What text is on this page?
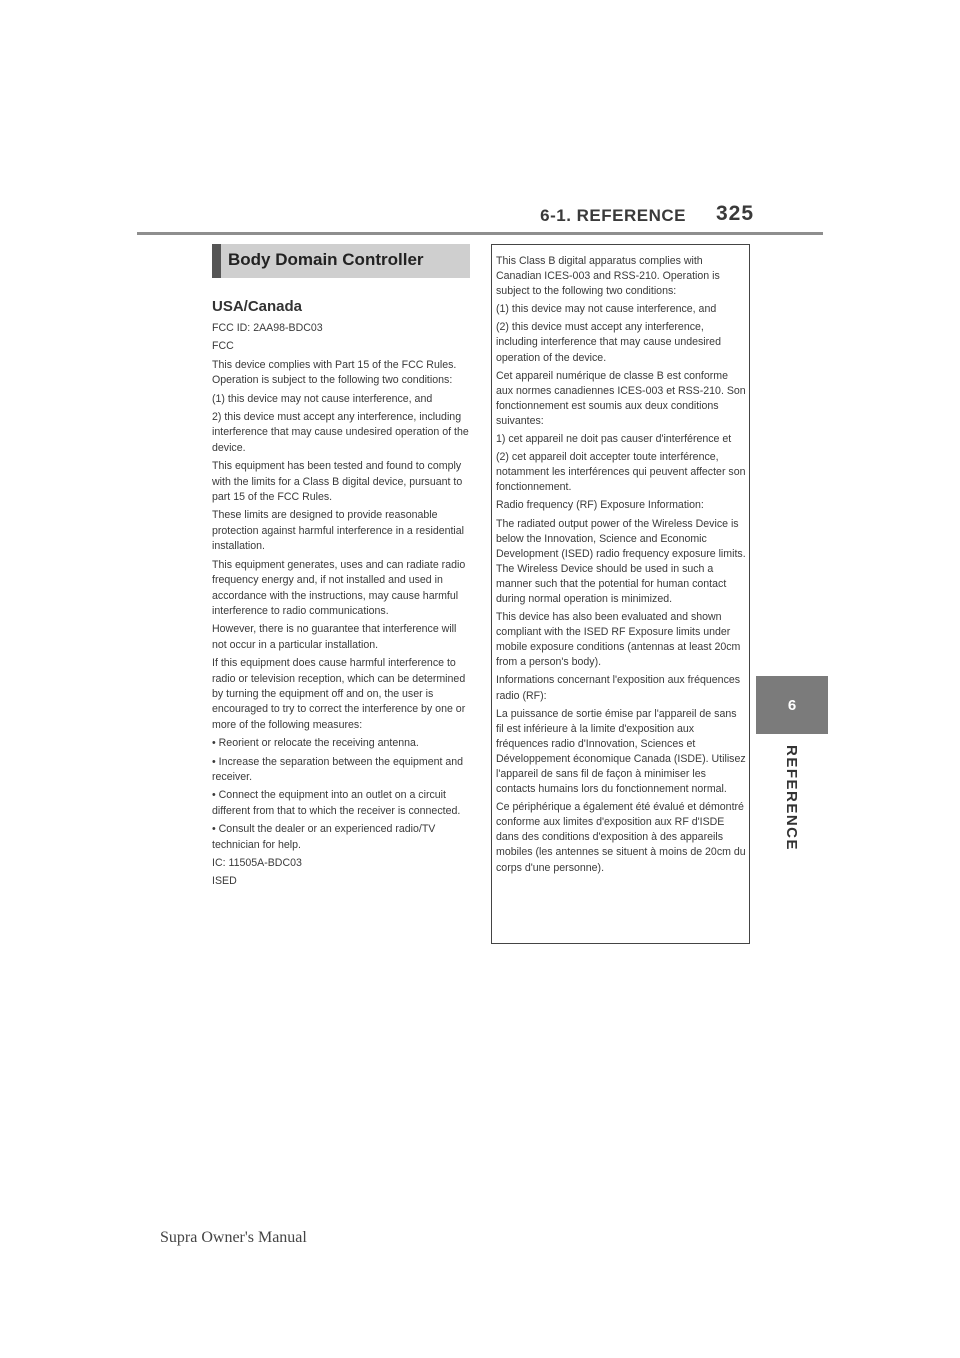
6-1. REFERENCE 325
6
REFERENCE
Body Domain Controller
USA/Canada
FCC ID: 2AA98-BDC03
FCC
This device complies with Part 15 of the FCC Rules. Operation is subject to the following two conditions:
(1) this device may not cause interference, and
2) this device must accept any interference, including interference that may cause undesired operation of the device.
This equipment has been tested and found to comply with the limits for a Class B digital device, pursuant to part 15 of the FCC Rules.
These limits are designed to provide reasonable protection against harmful interference in a residential installation.
This equipment generates, uses and can radiate radio frequency energy and, if not installed and used in accordance with the instructions, may cause harmful interference to radio communications.
However, there is no guarantee that interference will not occur in a particular installation.
If this equipment does cause harmful interference to radio or television reception, which can be determined by turning the equipment off and on, the user is encouraged to try to correct the interference by one or more of the following measures:
• Reorient or relocate the receiving antenna.
• Increase the separation between the equipment and receiver.
• Connect the equipment into an outlet on a circuit different from that to which the receiver is connected.
• Consult the dealer or an experienced radio/TV technician for help.
IC: 11505A-BDC03
ISED
This Class B digital apparatus complies with Canadian ICES-003 and RSS-210. Operation is subject to the following two conditions:
(1) this device may not cause interference, and
(2) this device must accept any interference, including interference that may cause undesired operation of the device.
Cet appareil numérique de classe B est conforme aux normes canadiennes ICES-003 et RSS-210. Son fonctionnement est soumis aux deux conditions suivantes:
1) cet appareil ne doit pas causer d'interférence et
(2) cet appareil doit accepter toute interférence, notamment les interférences qui peuvent affecter son fonctionnement.
Radio frequency (RF) Exposure Information:
The radiated output power of the Wireless Device is below the Innovation, Science and Economic Development (ISED) radio frequency exposure limits. The Wireless Device should be used in such a manner such that the potential for human contact during normal operation is minimized.
This device has also been evaluated and shown compliant with the ISED RF Exposure limits under mobile exposure conditions (antennas at least 20cm from a person's body).
Informations concernant l'exposition aux fréquences radio (RF):
La puissance de sortie émise par l'appareil de sans fil est inférieure à la limite d'exposition aux fréquences radio d'Innovation, Sciences et Développement économique Canada (ISDE). Utilisez l'appareil de sans fil de façon à minimiser les contacts humains lors du fonctionnement normal.
Ce périphérique a également été évalué et démontré conforme aux limites d'exposition aux RF d'ISDE dans des conditions d'exposition à des appareils mobiles (les antennes se situent à moins de 20cm du corps d'une personne).
Supra Owner's Manual
